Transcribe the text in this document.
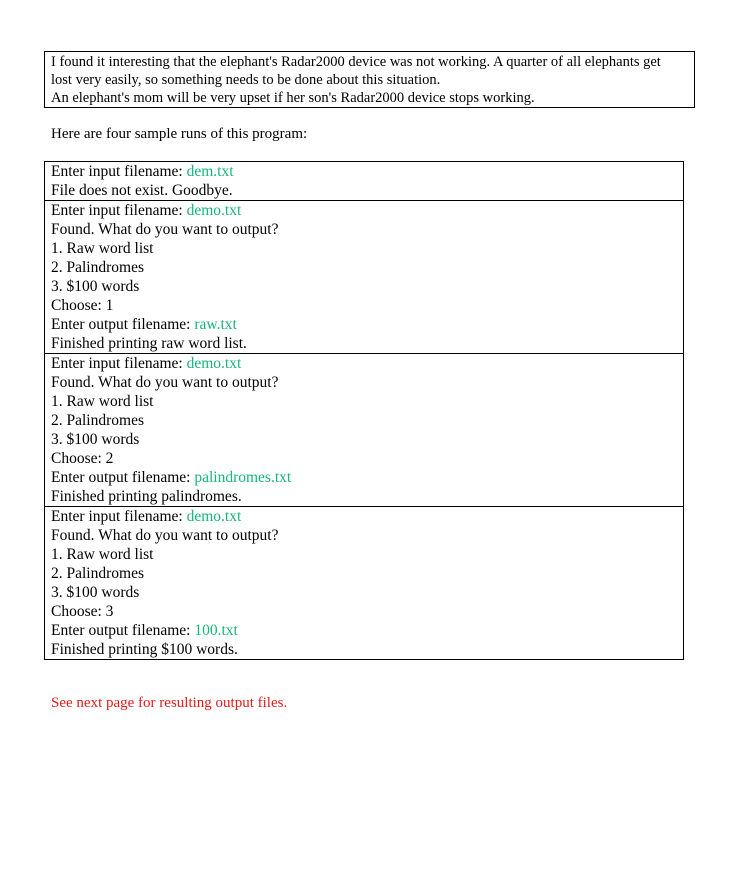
I found it interesting that the elephant's Radar2000 device was not working. A quarter of all elephants get
lost very easily, so something needs to be done about this situation.
An elephant's mom will be very upset if her son's Radar2000 device stops working.
Here are four sample runs of this program:
Enter input filename: dem.txt
File does not exist. Goodbye.
Enter input filename: demo.txt
Found. What do you want to output?
1. Raw word list
2. Palindromes
3. $100 words
Choose: 1
Enter output filename: raw.txt
Finished printing raw word list.
Enter input filename: demo.txt
Found. What do you want to output?
1. Raw word list
2. Palindromes
3. $100 words
Choose: 2
Enter output filename: palindromes.txt
Finished printing palindromes.
Enter input filename: demo.txt
Found. What do you want to output?
1. Raw word list
2. Palindromes
3. $100 words
Choose: 3
Enter output filename: 100.txt
Finished printing $100 words.
See next page for resulting output files.
